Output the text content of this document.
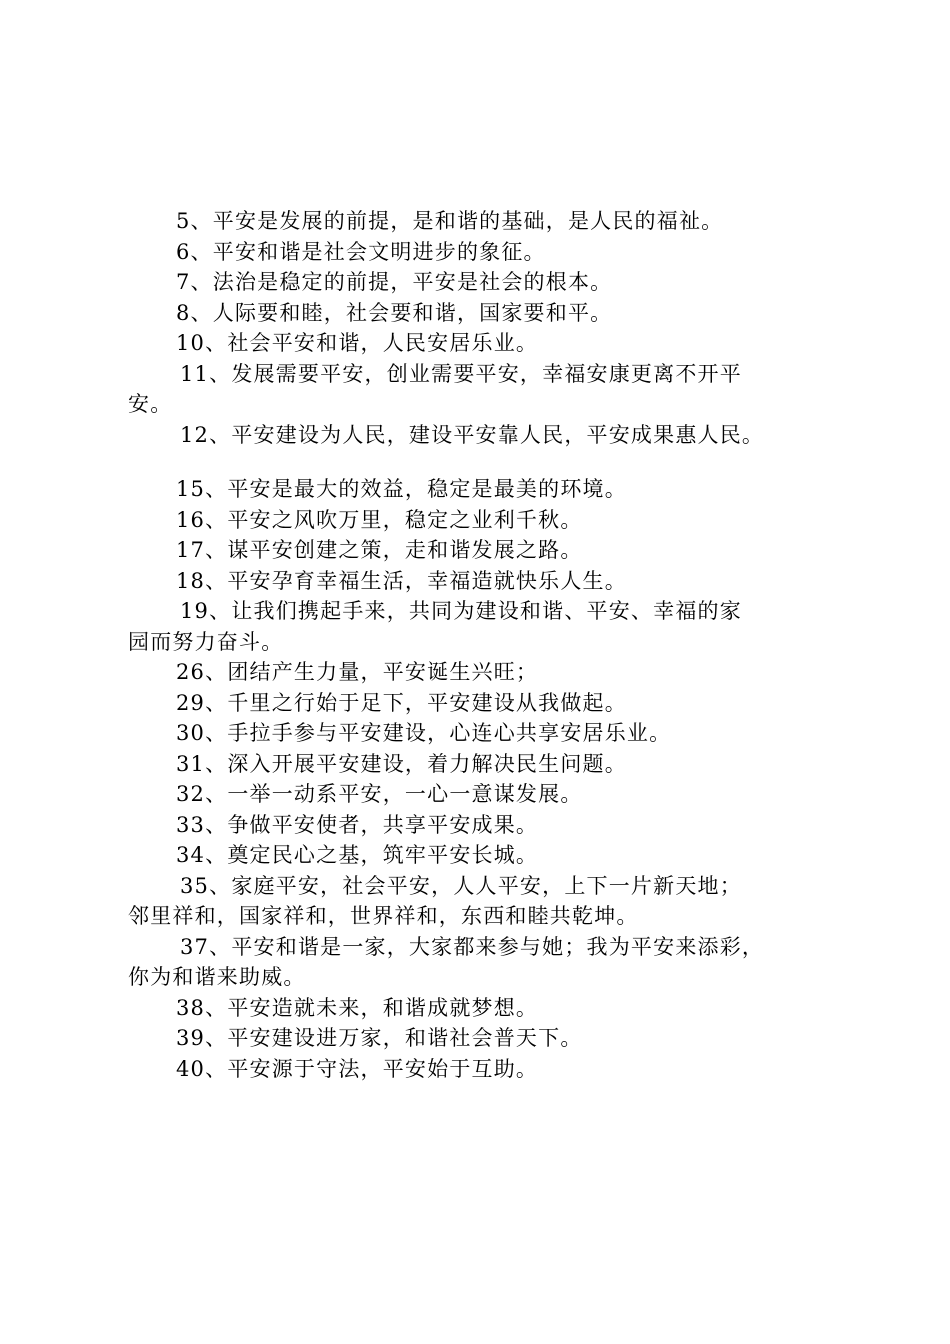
5、平安是发展的前提，是和谐的基础，是人民的福祉。
6、平安和谐是社会文明进步的象征。
7、法治是稳定的前提，平安是社会的根本。
8、人际要和睦，社会要和谐，国家要和平。
10、社会平安和谐，人民安居乐业。
11、发展需要平安，创业需要平安，幸福安康更离不开平
安。
12、平安建设为人民，建设平安靠人民，平安成果惠人民。
15、平安是最大的效益，稳定是最美的环境。
16、平安之风吹万里，稳定之业利千秋。
17、谋平安创建之策，走和谐发展之路。
18、平安孕育幸福生活，幸福造就快乐人生。
19、让我们携起手来，共同为建设和谐、平安、幸福的家
园而努力奋斗。
26、团结产生力量，平安诞生兴旺；
29、千里之行始于足下，平安建设从我做起。
30、手拉手参与平安建设，心连心共享安居乐业。
31、深入开展平安建设，着力解决民生问题。
32、一举一动系平安，一心一意谋发展。
33、争做平安使者，共享平安成果。
34、奠定民心之基，筑牢平安长城。
35、家庭平安，社会平安，人人平安，上下一片新天地；
邻里祥和，国家祥和，世界祥和，东西和睦共乾坤。
37、平安和谐是一家，大家都来参与她；我为平安来添彩，
你为和谐来助威。
38、平安造就未来，和谐成就梦想。
39、平安建设进万家，和谐社会普天下。
40、平安源于守法，平安始于互助。
